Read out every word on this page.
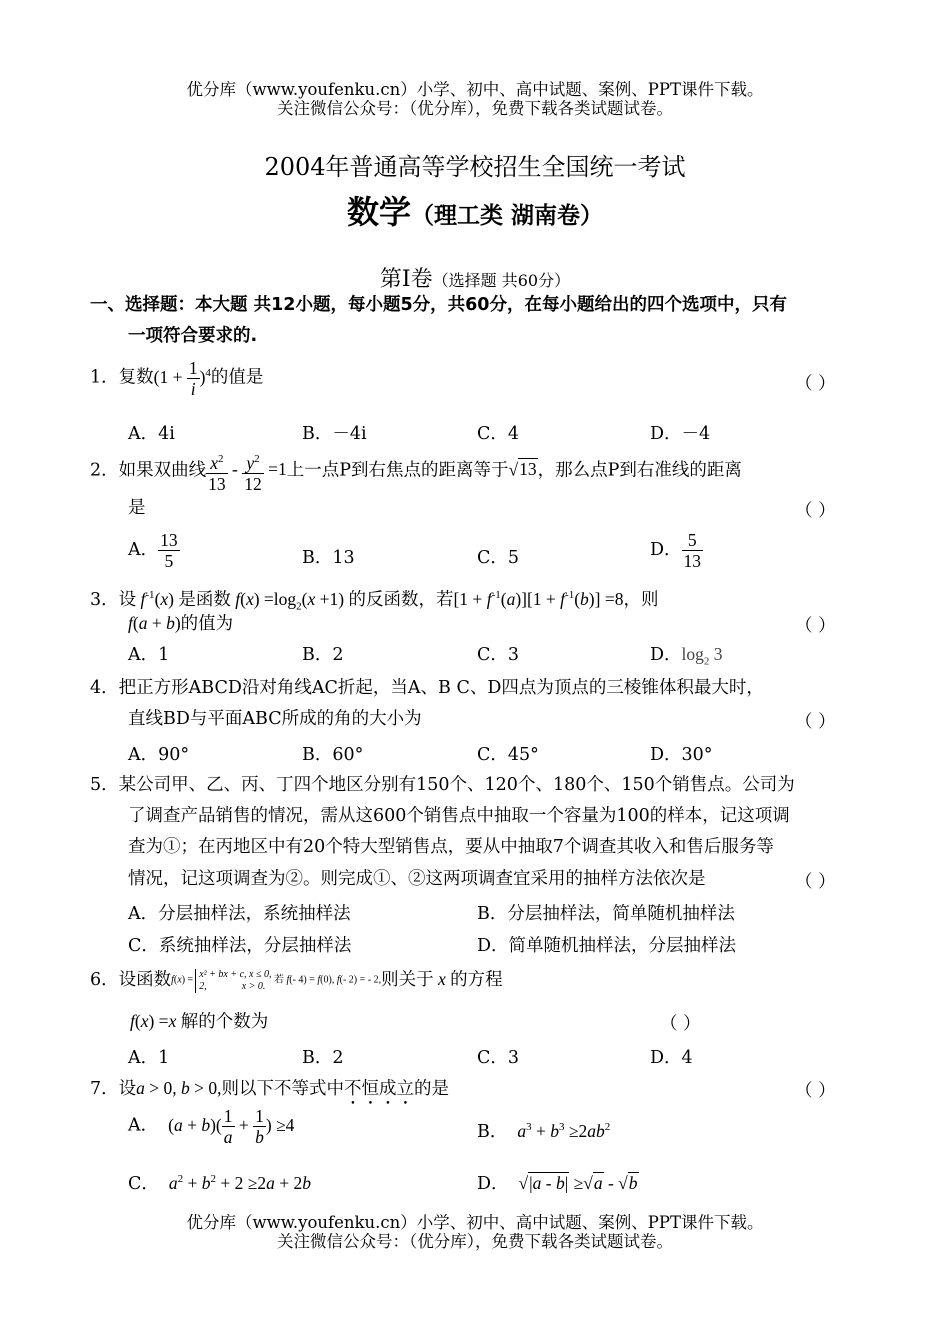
优分库（www.youfenku.cn）小学、初中、高中试题、案例、PPT课件下载。
关注微信公众号：（优分库），免费下载各类试题试卷。
2004年普通高等学校招生全国统一考试
数学（理工类 湖南卷）
第Ⅰ卷（选择题 共60分）
一、选择题：本大题 共12小题，每小题5分，共60分，在每小题给出的四个选项中，只有
一项符合要求的.
1．复数$(1 + \frac{1}{i} )^4$的值是	（ ）
A．4i	B．－4i	C．4	D．－4
2．如果双曲线 $\frac{x^2}{13} - \frac{y^2}{12} =1$上一点P到右焦点的距离等于√13，那么点P到右准线的距离
是	（ ）
A． $\frac{13}{5}$	B．13	C．5	D． $\frac{5}{13}$
3．设 $f^{-1}(x)$ 是函数 $f(x) =\log_2(x +1)$ 的反函数，若$[1 + f^{-1}(a)][1 + f^{-1}(b)] =8$，则
f(a + b)的值为	（ ）
A．1	B．2	C．3	D．$\log_2 3$
4．把正方形ABCD沿对角线AC折起，当A、B C、D四点为顶点的三棱锥体积最大时，
直线BD与平面ABC所成的角的大小为	（ ）
A．90°	B．60°	C．45°	D．30°
5．某公司甲、乙、丙、丁四个地区分别有150个、120个、180个、150个销售点。公司为
了调查产品销售的情况，需从这600个销售点中抽取一个容量为100的样本，记这项调
查为①；在丙地区中有20个特大型销售点，要从中抽取7个调查其收入和售后服务等
情况，记这项调查为②。则完成①、②这两项调查宜采用的抽样方法依次是	（ ）
A．分层抽样法，系统抽样法	B．分层抽样法，简单随机抽样法
C．系统抽样法，分层抽样法	D．简单随机抽样法，分层抽样法
6．设函数f(x) =x² + bx + c, x ≤ 0,
2,              x > 0. 若 f(- 4) = f(0), f(- 2) = - 2,则关于 x 的方程
f(x) =x 解的个数为	（ ）
A．1	B．2	C．3	D．4
7．设a > 0, b > 0,则以下不等式中不恒成立的是	（ ）
A． $(a + b)( \frac{1}{a} + \frac{1}{b}$ ) ≥4	B． $a^3 + b^3 \ge 2ab^2$
C． $a^2 + b^2 + 2 \ge 2a + 2b$	D． √|a - b| ≥√a - √b
优分库（www.youfenku.cn）小学、初中、高中试题、案例、PPT课件下载。
关注微信公众号：（优分库），免费下载各类试题试卷。
